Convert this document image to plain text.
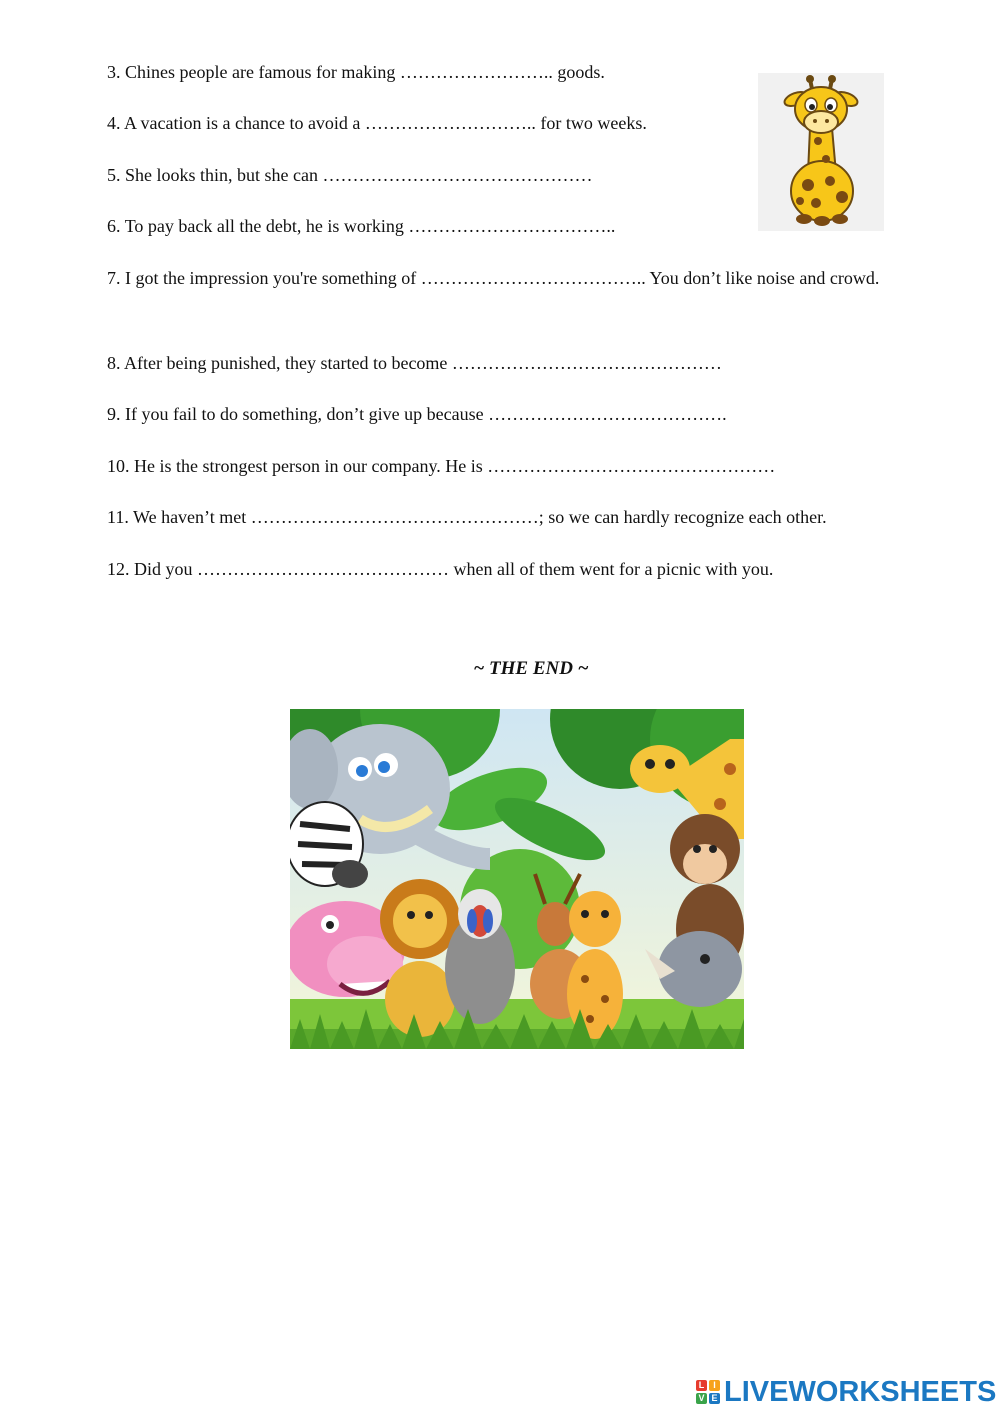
3. Chines people are famous for making …………………….. goods.
4. A vacation is a chance to avoid a ……………………….. for two weeks.
5. She looks thin, but she can ………………………………………
6. To pay back all the debt, he is working ……………………………..
7. I got the impression you're something of ……………………………….. You don’t like noise and crowd.
8. After being punished, they started to become ………………………………………
9. If you fail to do something, don’t give up because ………………………………….
10. He is the strongest person in our company. He is …………………………………………
11. We haven’t met …………………………………………; so we can hardly recognize each other.
12. Did you …………………………………… when all of them went for a picnic with you.
~ THE END ~
L I
V E LIVEWORKSHEETS
